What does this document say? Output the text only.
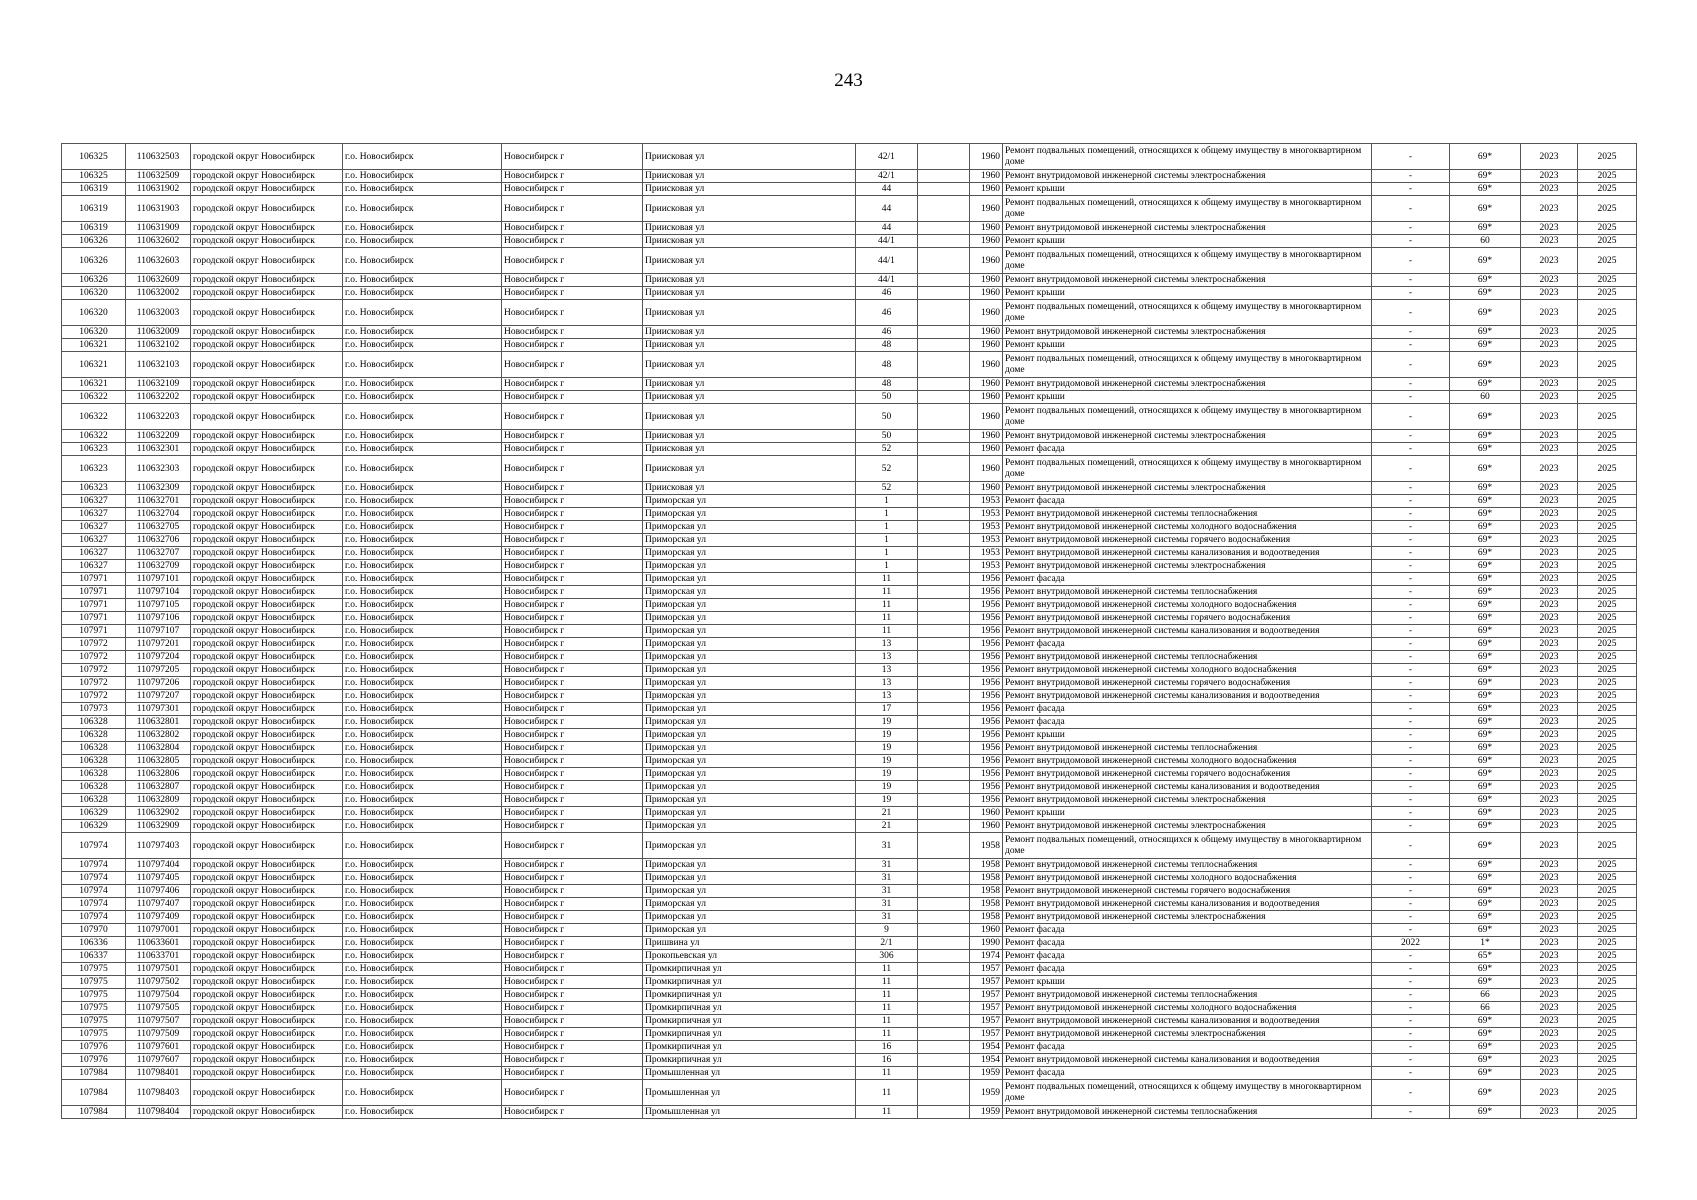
243
106325	110632503	городской округ Новосибирск	г.о. Новосибирск	Новосибирск г	Приисковая ул	42/1		1960	Ремонт подвальных помещений, относящихся к общему имуществу в многоквартирном доме	-	69*	2023	2025
106325	110632509	городской округ Новосибирск	г.о. Новосибирск	Новосибирск г	Приисковая ул	42/1		1960	Ремонт внутридомовой инженерной системы электроснабжения	-	69*	2023	2025
106319	110631902	городской округ Новосибирск	г.о. Новосибирск	Новосибирск г	Приисковая ул	44		1960	Ремонт крыши	-	69*	2023	2025
106319	110631903	городской округ Новосибирск	г.о. Новосибирск	Новосибирск г	Приисковая ул	44		1960	Ремонт подвальных помещений, относящихся к общему имуществу в многоквартирном доме	-	69*	2023	2025
106319	110631909	городской округ Новосибирск	г.о. Новосибирск	Новосибирск г	Приисковая ул	44		1960	Ремонт внутридомовой инженерной системы электроснабжения	-	69*	2023	2025
106326	110632602	городской округ Новосибирск	г.о. Новосибирск	Новосибирск г	Приисковая ул	44/1		1960	Ремонт крыши	-	60	2023	2025
106326	110632603	городской округ Новосибирск	г.о. Новосибирск	Новосибирск г	Приисковая ул	44/1		1960	Ремонт подвальных помещений, относящихся к общему имуществу в многоквартирном доме	-	69*	2023	2025
106326	110632609	городской округ Новосибирск	г.о. Новосибирск	Новосибирск г	Приисковая ул	44/1		1960	Ремонт внутридомовой инженерной системы электроснабжения	-	69*	2023	2025
106320	110632002	городской округ Новосибирск	г.о. Новосибирск	Новосибирск г	Приисковая ул	46		1960	Ремонт крыши	-	69*	2023	2025
106320	110632003	городской округ Новосибирск	г.о. Новосибирск	Новосибирск г	Приисковая ул	46		1960	Ремонт подвальных помещений, относящихся к общему имуществу в многоквартирном доме	-	69*	2023	2025
106320	110632009	городской округ Новосибирск	г.о. Новосибирск	Новосибирск г	Приисковая ул	46		1960	Ремонт внутридомовой инженерной системы электроснабжения	-	69*	2023	2025
106321	110632102	городской округ Новосибирск	г.о. Новосибирск	Новосибирск г	Приисковая ул	48		1960	Ремонт крыши	-	69*	2023	2025
106321	110632103	городской округ Новосибирск	г.о. Новосибирск	Новосибирск г	Приисковая ул	48		1960	Ремонт подвальных помещений, относящихся к общему имуществу в многоквартирном доме	-	69*	2023	2025
106321	110632109	городской округ Новосибирск	г.о. Новосибирск	Новосибирск г	Приисковая ул	48		1960	Ремонт внутридомовой инженерной системы электроснабжения	-	69*	2023	2025
106322	110632202	городской округ Новосибирск	г.о. Новосибирск	Новосибирск г	Приисковая ул	50		1960	Ремонт крыши	-	60	2023	2025
106322	110632203	городской округ Новосибирск	г.о. Новосибирск	Новосибирск г	Приисковая ул	50		1960	Ремонт подвальных помещений, относящихся к общему имуществу в многоквартирном доме	-	69*	2023	2025
106322	110632209	городской округ Новосибирск	г.о. Новосибирск	Новосибирск г	Приисковая ул	50		1960	Ремонт внутридомовой инженерной системы электроснабжения	-	69*	2023	2025
106323	110632301	городской округ Новосибирск	г.о. Новосибирск	Новосибирск г	Приисковая ул	52		1960	Ремонт фасада	-	69*	2023	2025
106323	110632303	городской округ Новосибирск	г.о. Новосибирск	Новосибирск г	Приисковая ул	52		1960	Ремонт подвальных помещений, относящихся к общему имуществу в многоквартирном доме	-	69*	2023	2025
106323	110632309	городской округ Новосибирск	г.о. Новосибирск	Новосибирск г	Приисковая ул	52		1960	Ремонт внутридомовой инженерной системы электроснабжения	-	69*	2023	2025
106327	110632701	городской округ Новосибирск	г.о. Новосибирск	Новосибирск г	Приморская ул	1		1953	Ремонт фасада	-	69*	2023	2025
106327	110632704	городской округ Новосибирск	г.о. Новосибирск	Новосибирск г	Приморская ул	1		1953	Ремонт внутридомовой инженерной системы теплоснабжения	-	69*	2023	2025
106327	110632705	городской округ Новосибирск	г.о. Новосибирск	Новосибирск г	Приморская ул	1		1953	Ремонт внутридомовой инженерной системы холодного водоснабжения	-	69*	2023	2025
106327	110632706	городской округ Новосибирск	г.о. Новосибирск	Новосибирск г	Приморская ул	1		1953	Ремонт внутридомовой инженерной системы горячего водоснабжения	-	69*	2023	2025
106327	110632707	городской округ Новосибирск	г.о. Новосибирск	Новосибирск г	Приморская ул	1		1953	Ремонт внутридомовой инженерной системы канализования и водоотведения	-	69*	2023	2025
106327	110632709	городской округ Новосибирск	г.о. Новосибирск	Новосибирск г	Приморская ул	1		1953	Ремонт внутридомовой инженерной системы электроснабжения	-	69*	2023	2025
107971	110797101	городской округ Новосибирск	г.о. Новосибирск	Новосибирск г	Приморская ул	11		1956	Ремонт фасада	-	69*	2023	2025
107971	110797104	городской округ Новосибирск	г.о. Новосибирск	Новосибирск г	Приморская ул	11		1956	Ремонт внутридомовой инженерной системы теплоснабжения	-	69*	2023	2025
107971	110797105	городской округ Новосибирск	г.о. Новосибирск	Новосибирск г	Приморская ул	11		1956	Ремонт внутридомовой инженерной системы холодного водоснабжения	-	69*	2023	2025
107971	110797106	городской округ Новосибирск	г.о. Новосибирск	Новосибирск г	Приморская ул	11		1956	Ремонт внутридомовой инженерной системы горячего водоснабжения	-	69*	2023	2025
107971	110797107	городской округ Новосибирск	г.о. Новосибирск	Новосибирск г	Приморская ул	11		1956	Ремонт внутридомовой инженерной системы канализования и водоотведения	-	69*	2023	2025
107972	110797201	городской округ Новосибирск	г.о. Новосибирск	Новосибирск г	Приморская ул	13		1956	Ремонт фасада	-	69*	2023	2025
107972	110797204	городской округ Новосибирск	г.о. Новосибирск	Новосибирск г	Приморская ул	13		1956	Ремонт внутридомовой инженерной системы теплоснабжения	-	69*	2023	2025
107972	110797205	городской округ Новосибирск	г.о. Новосибирск	Новосибирск г	Приморская ул	13		1956	Ремонт внутридомовой инженерной системы холодного водоснабжения	-	69*	2023	2025
107972	110797206	городской округ Новосибирск	г.о. Новосибирск	Новосибирск г	Приморская ул	13		1956	Ремонт внутридомовой инженерной системы горячего водоснабжения	-	69*	2023	2025
107972	110797207	городской округ Новосибирск	г.о. Новосибирск	Новосибирск г	Приморская ул	13		1956	Ремонт внутридомовой инженерной системы канализования и водоотведения	-	69*	2023	2025
107973	110797301	городской округ Новосибирск	г.о. Новосибирск	Новосибирск г	Приморская ул	17		1956	Ремонт фасада	-	69*	2023	2025
106328	110632801	городской округ Новосибирск	г.о. Новосибирск	Новосибирск г	Приморская ул	19		1956	Ремонт фасада	-	69*	2023	2025
106328	110632802	городской округ Новосибирск	г.о. Новосибирск	Новосибирск г	Приморская ул	19		1956	Ремонт крыши	-	69*	2023	2025
106328	110632804	городской округ Новосибирск	г.о. Новосибирск	Новосибирск г	Приморская ул	19		1956	Ремонт внутридомовой инженерной системы теплоснабжения	-	69*	2023	2025
106328	110632805	городской округ Новосибирск	г.о. Новосибирск	Новосибирск г	Приморская ул	19		1956	Ремонт внутридомовой инженерной системы холодного водоснабжения	-	69*	2023	2025
106328	110632806	городской округ Новосибирск	г.о. Новосибирск	Новосибирск г	Приморская ул	19		1956	Ремонт внутридомовой инженерной системы горячего водоснабжения	-	69*	2023	2025
106328	110632807	городской округ Новосибирск	г.о. Новосибирск	Новосибирск г	Приморская ул	19		1956	Ремонт внутридомовой инженерной системы канализования и водоотведения	-	69*	2023	2025
106328	110632809	городской округ Новосибирск	г.о. Новосибирск	Новосибирск г	Приморская ул	19		1956	Ремонт внутридомовой инженерной системы электроснабжения	-	69*	2023	2025
106329	110632902	городской округ Новосибирск	г.о. Новосибирск	Новосибирск г	Приморская ул	21		1960	Ремонт крыши	-	69*	2023	2025
106329	110632909	городской округ Новосибирск	г.о. Новосибирск	Новосибирск г	Приморская ул	21		1960	Ремонт внутридомовой инженерной системы электроснабжения	-	69*	2023	2025
107974	110797403	городской округ Новосибирск	г.о. Новосибирск	Новосибирск г	Приморская ул	31		1958	Ремонт подвальных помещений, относящихся к общему имуществу в многоквартирном доме	-	69*	2023	2025
107974	110797404	городской округ Новосибирск	г.о. Новосибирск	Новосибирск г	Приморская ул	31		1958	Ремонт внутридомовой инженерной системы теплоснабжения	-	69*	2023	2025
107974	110797405	городской округ Новосибирск	г.о. Новосибирск	Новосибирск г	Приморская ул	31		1958	Ремонт внутридомовой инженерной системы холодного водоснабжения	-	69*	2023	2025
107974	110797406	городской округ Новосибирск	г.о. Новосибирск	Новосибирск г	Приморская ул	31		1958	Ремонт внутридомовой инженерной системы горячего водоснабжения	-	69*	2023	2025
107974	110797407	городской округ Новосибирск	г.о. Новосибирск	Новосибирск г	Приморская ул	31		1958	Ремонт внутридомовой инженерной системы канализования и водоотведения	-	69*	2023	2025
107974	110797409	городской округ Новосибирск	г.о. Новосибирск	Новосибирск г	Приморская ул	31		1958	Ремонт внутридомовой инженерной системы электроснабжения	-	69*	2023	2025
107970	110797001	городской округ Новосибирск	г.о. Новосибирск	Новосибирск г	Приморская ул	9		1960	Ремонт фасада	-	69*	2023	2025
106336	110633601	городской округ Новосибирск	г.о. Новосибирск	Новосибирск г	Пришвина ул	2/1		1990	Ремонт фасада	2022	1*	2023	2025
106337	110633701	городской округ Новосибирск	г.о. Новосибирск	Новосибирск г	Прокопьевская ул	306		1974	Ремонт фасада	-	65*	2023	2025
107975	110797501	городской округ Новосибирск	г.о. Новосибирск	Новосибирск г	Промкирпичная ул	11		1957	Ремонт фасада	-	69*	2023	2025
107975	110797502	городской округ Новосибирск	г.о. Новосибирск	Новосибирск г	Промкирпичная ул	11		1957	Ремонт крыши	-	69*	2023	2025
107975	110797504	городской округ Новосибирск	г.о. Новосибирск	Новосибирск г	Промкирпичная ул	11		1957	Ремонт внутридомовой инженерной системы теплоснабжения	-	66	2023	2025
107975	110797505	городской округ Новосибирск	г.о. Новосибирск	Новосибирск г	Промкирпичная ул	11		1957	Ремонт внутридомовой инженерной системы холодного водоснабжения	-	66	2023	2025
107975	110797507	городской округ Новосибирск	г.о. Новосибирск	Новосибирск г	Промкирпичная ул	11		1957	Ремонт внутридомовой инженерной системы канализования и водоотведения	-	69*	2023	2025
107975	110797509	городской округ Новосибирск	г.о. Новосибирск	Новосибирск г	Промкирпичная ул	11		1957	Ремонт внутридомовой инженерной системы электроснабжения	-	69*	2023	2025
107976	110797601	городской округ Новосибирск	г.о. Новосибирск	Новосибирск г	Промкирпичная ул	16		1954	Ремонт фасада	-	69*	2023	2025
107976	110797607	городской округ Новосибирск	г.о. Новосибирск	Новосибирск г	Промкирпичная ул	16		1954	Ремонт внутридомовой инженерной системы канализования и водоотведения	-	69*	2023	2025
107984	110798401	городской округ Новосибирск	г.о. Новосибирск	Новосибирск г	Промышленная ул	11		1959	Ремонт фасада	-	69*	2023	2025
107984	110798403	городской округ Новосибирск	г.о. Новосибирск	Новосибирск г	Промышленная ул	11		1959	Ремонт подвальных помещений, относящихся к общему имуществу в многоквартирном доме	-	69*	2023	2025
107984	110798404	городской округ Новосибирск	г.о. Новосибирск	Новосибирск г	Промышленная ул	11		1959	Ремонт внутридомовой инженерной системы теплоснабжения	-	69*	2023	2025
